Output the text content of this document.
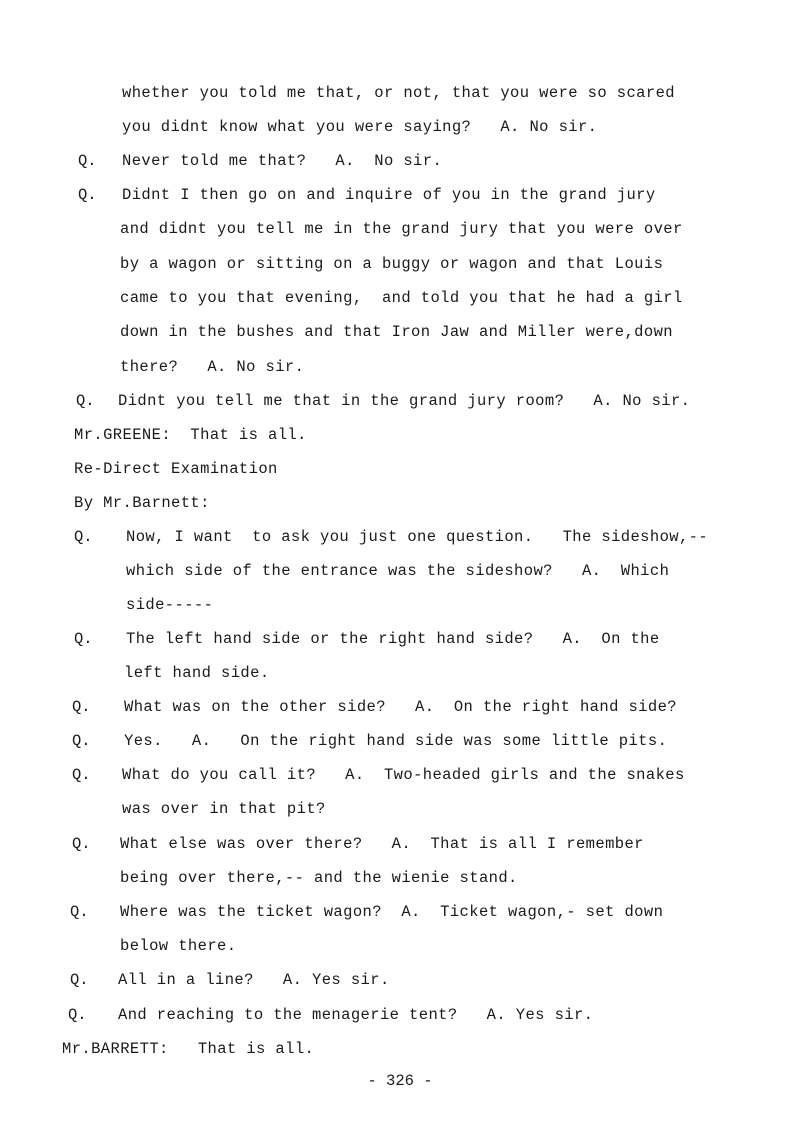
whether you told me that, or not, that you were so scared
you didnt know what you were saying?   A. No sir.
Q. Never told me that?   A.  No sir.
Q. Didnt I then go on and inquire of you in the grand jury
and didnt you tell me in the grand jury that you were over
by a wagon or sitting on a buggy or wagon and that Louis
came to you that evening,  and told you that he had a girl
down in the bushes and that Iron Jaw and Miller were,down
there?   A. No sir.
Q. Didnt you tell me that in the grand jury room?   A. No sir.
Mr.GREENE:  That is all.
Re-Direct Examination
By Mr.Barnett:
Q. Now, I want  to ask you just one question.   The sideshow,--
which side of the entrance was the sideshow?   A.  Which
side-----
Q. The left hand side or the right hand side?   A.  On the
left hand side.
Q. What was on the other side?   A.  On the right hand side?
Q. Yes.   A.   On the right hand side was some little pits.
Q. What do you call it?   A.  Two-headed girls and the snakes
was over in that pit?
Q. What else was over there?   A.  That is all I remember
being over there,-- and the wienie stand.
Q. Where was the ticket wagon?  A.  Ticket wagon,- set down
below there.
Q. All in a line?   A. Yes sir.
Q. And reaching to the menagerie tent?   A. Yes sir.
Mr.BARRETT:   That is all.
- 326 -
